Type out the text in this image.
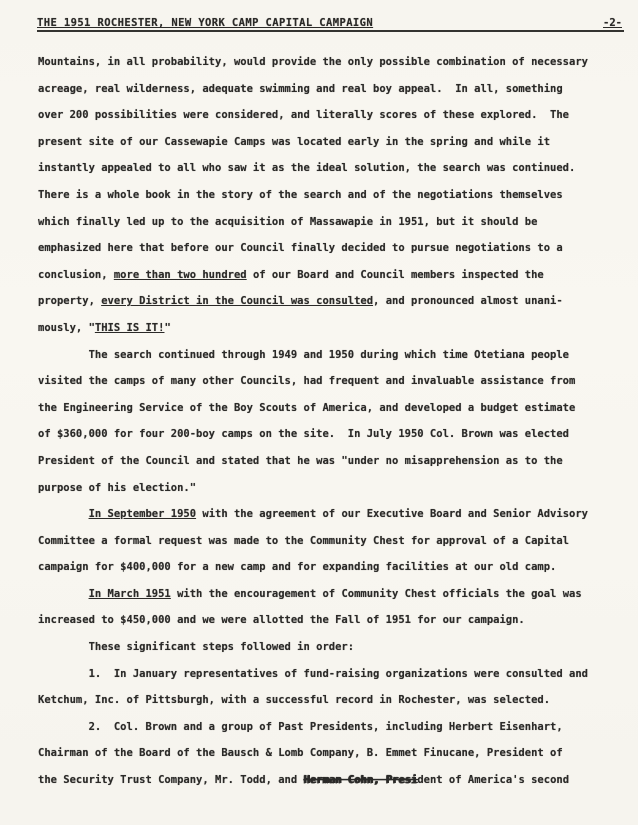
THE 1951 ROCHESTER, NEW YORK CAMP CAPITAL CAMPAIGN	-2-
Mountains, in all probability, would provide the only possible combination of necessary
acreage, real wilderness, adequate swimming and real boy appeal.  In all, something
over 200 possibilities were considered, and literally scores of these explored.  The
present site of our Cassewapie Camps was located early in the spring and while it
instantly appealed to all who saw it as the ideal solution, the search was continued.
There is a whole book in the story of the search and of the negotiations themselves
which finally led up to the acquisition of Massawapie in 1951, but it should be
emphasized here that before our Council finally decided to pursue negotiations to a
conclusion, more than two hundred of our Board and Council members inspected the
property, every District in the Council was consulted, and pronounced almost unani-
mously, "THIS IS IT!"
The search continued through 1949 and 1950 during which time Otetiana people
visited the camps of many other Councils, had frequent and invaluable assistance from
the Engineering Service of the Boy Scouts of America, and developed a budget estimate
of $360,000 for four 200-boy camps on the site.  In July 1950 Col. Brown was elected
President of the Council and stated that he was "under no misapprehension as to the
purpose of his election."
In September 1950 with the agreement of our Executive Board and Senior Advisory
Committee a formal request was made to the Community Chest for approval of a Capital
campaign for $400,000 for a new camp and for expanding facilities at our old camp.
In March 1951 with the encouragement of Community Chest officials the goal was
increased to $450,000 and we were allotted the Fall of 1951 for our campaign.
These significant steps followed in order:
1.  In January representatives of fund-raising organizations were consulted and
Ketchum, Inc. of Pittsburgh, with a successful record in Rochester, was selected.
2.  Col. Brown and a group of Past Presidents, including Herbert Eisenhart,
Chairman of the Board of the Bausch & Lomb Company, B. Emmet Finucane, President of
the Security Trust Company, Mr. Todd, and Herman Cohn, President of America's second
